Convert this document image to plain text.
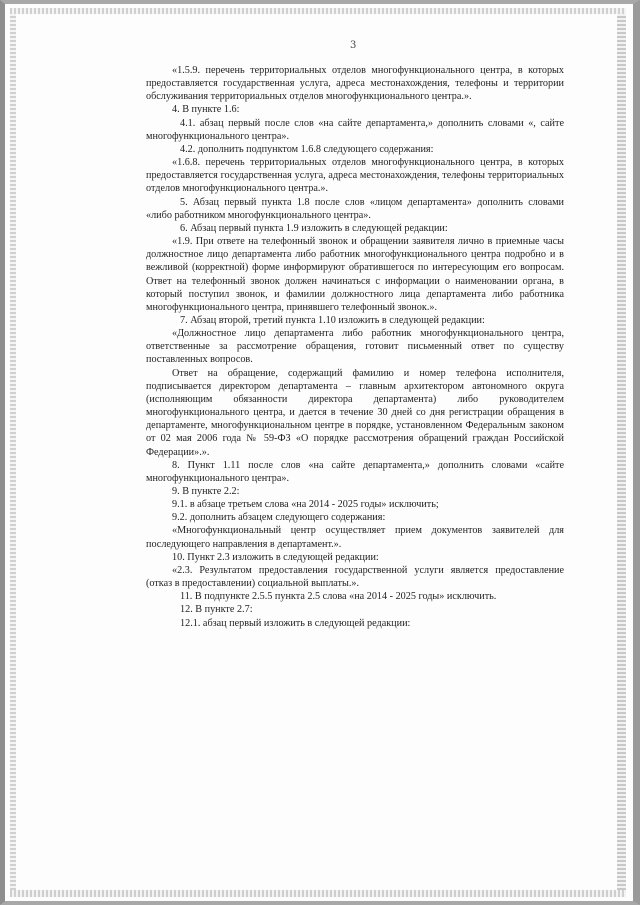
3

«1.5.9. перечень территориальных отделов многофункционального центра, в которых предоставляется государственная услуга, адреса местонахождения, телефоны и территории обслуживания территориальных отделов многофункционального центра.».

4. В пункте 1.6:

4.1. абзац первый после слов «на сайте департамента,» дополнить словами «, сайте многофункционального центра».

4.2. дополнить подпунктом 1.6.8 следующего содержания:

«1.6.8. перечень территориальных отделов многофункционального центра, в которых предоставляется государственная услуга, адреса местонахождения, телефоны территориальных отделов многофункционального центра.».

5. Абзац первый пункта 1.8 после слов «лицом департамента» дополнить словами «либо работником многофункционального центра».

6. Абзац первый пункта 1.9 изложить в следующей редакции:

«1.9. При ответе на телефонный звонок и обращении заявителя лично в приемные часы должностное лицо департамента либо работник многофункционального центра подробно и в вежливой (корректной) форме информируют обратившегося по интересующим его вопросам. Ответ на телефонный звонок должен начинаться с информации о наименовании органа, в который поступил звонок, и фамилии должностного лица департамента либо работника многофункционального центра, принявшего телефонный звонок.».

7. Абзац второй, третий пункта 1.10 изложить в следующей редакции:

«Должностное лицо департамента либо работник многофункционального центра, ответственные за рассмотрение обращения, готовит письменный ответ по существу поставленных вопросов.

Ответ на обращение, содержащий фамилию и номер телефона исполнителя, подписывается директором департамента – главным архитектором автономного округа (исполняющим обязанности директора департамента) либо руководителем многофункционального центра, и дается в течение 30 дней со дня регистрации обращения в департаменте, многофункциональном центре в порядке, установленном Федеральным законом от 02 мая 2006 года № 59-ФЗ «О порядке рассмотрения обращений граждан Российской Федерации».».

8. Пункт 1.11 после слов «на сайте департамента,» дополнить словами «сайте многофункционального центра».

9. В пункте 2.2:

9.1. в абзаце третьем слова «на 2014 - 2025 годы» исключить;

9.2. дополнить абзацем следующего содержания:

«Многофункциональный центр осуществляет прием документов заявителей для последующего направления в департамент.».

10. Пункт 2.3 изложить в следующей редакции:

«2.3. Результатом предоставления государственной услуги является предоставление (отказ в предоставлении) социальной выплаты.».

11. В подпункте 2.5.5 пункта 2.5 слова «на 2014 - 2025 годы» исключить.

12. В пункте 2.7:

12.1. абзац первый изложить в следующей редакции:
